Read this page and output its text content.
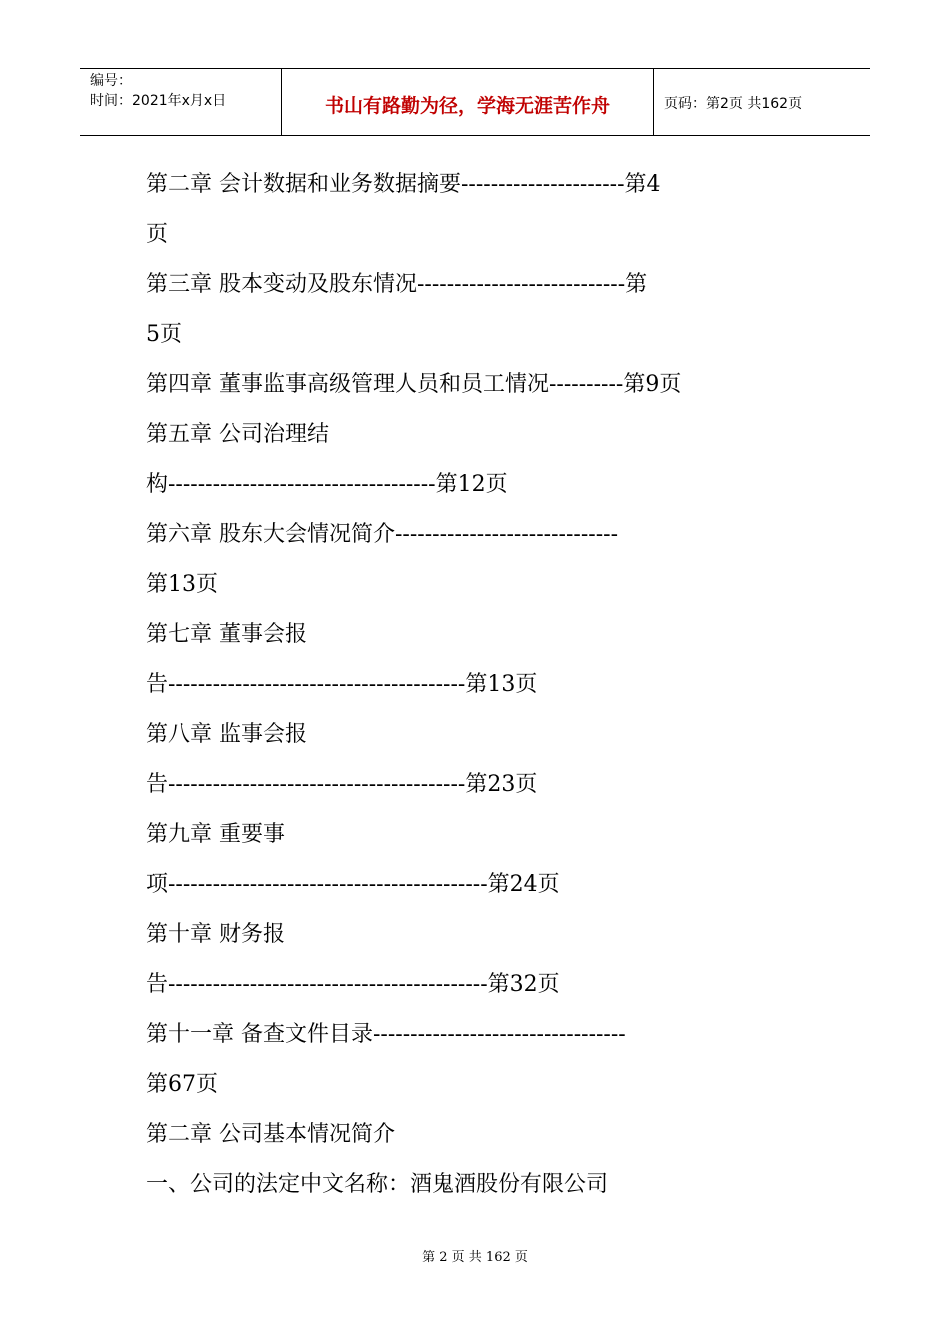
编号：
时间：2021年x月x日	书山有路勤为径，学海无涯苦作舟	页码：第2页 共162页
第二章 会计数据和业务数据摘要----------------------第4
页
第三章 股本变动及股东情况----------------------------第
5页
第四章 董事监事高级管理人员和员工情况----------第9页
第五章 公司治理结
构------------------------------------第12页
第六章 股东大会情况简介------------------------------
第13页
第七章 董事会报
告----------------------------------------第13页
第八章 监事会报
告----------------------------------------第23页
第九章 重要事
项-------------------------------------------第24页
第十章 财务报
告-------------------------------------------第32页
第十一章 备查文件目录----------------------------------
第67页
第二章 公司基本情况简介
一、公司的法定中文名称：酒鬼酒股份有限公司
第 2 页 共 162 页
